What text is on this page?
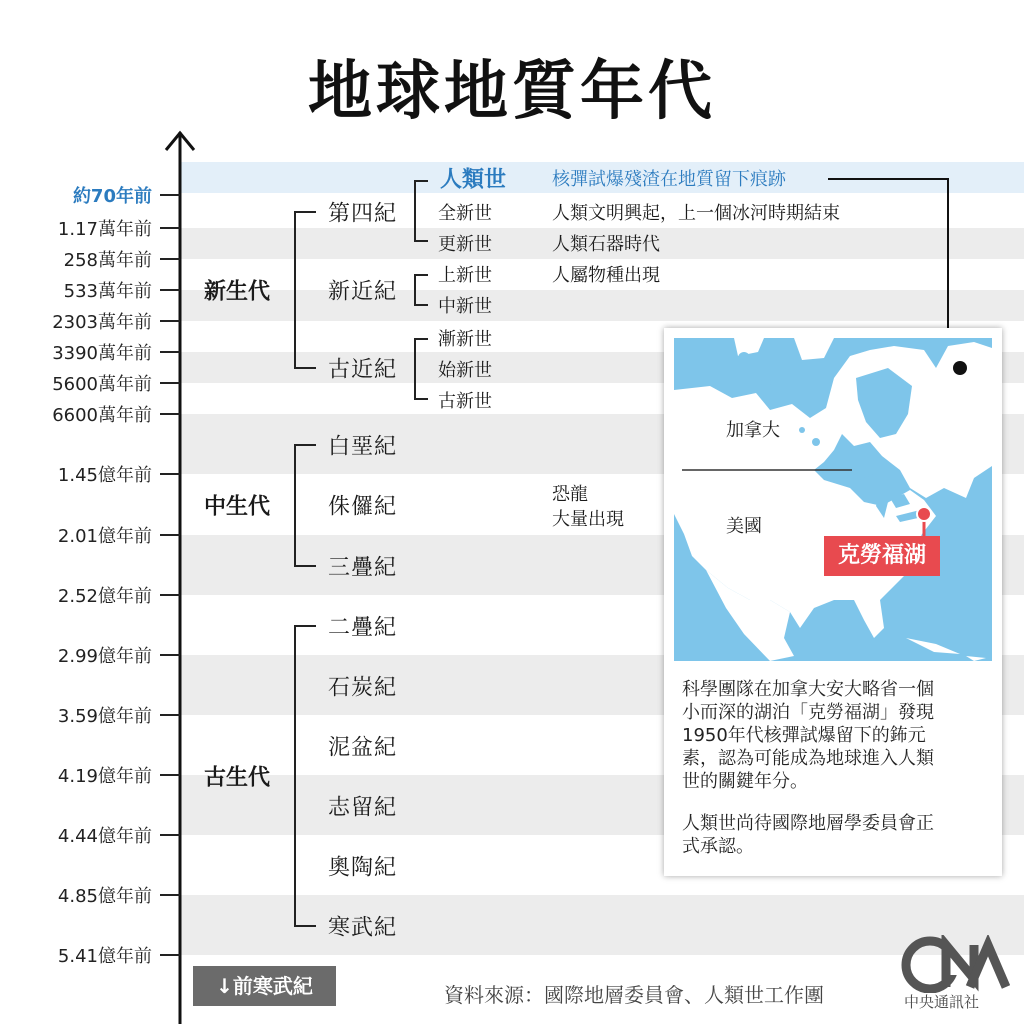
地球地質年代
約70年前
1.17萬年前
258萬年前
533萬年前
2303萬年前
3390萬年前
5600萬年前
6600萬年前
1.45億年前
2.01億年前
2.52億年前
2.99億年前
3.59億年前
4.19億年前
4.44億年前
4.85億年前
5.41億年前
新生代
中生代
古生代
第四紀
新近紀
古近紀
白堊紀
侏儸紀
三疊紀
二疊紀
石炭紀
泥盆紀
志留紀
奧陶紀
寒武紀
人類世
全新世
更新世
上新世
中新世
漸新世
始新世
古新世
核彈試爆殘渣在地質留下痕跡
人類文明興起，上一個冰河時期結束
人類石器時代
人屬物種出現
恐龍
大量出現
加拿大
美國
克勞福湖
科學團隊在加拿大安大略省一個
小而深的湖泊「克勞福湖」發現
1950年代核彈試爆留下的鈽元
素，認為可能成為地球進入人類
世的關鍵年分。
人類世尚待國際地層學委員會正
式承認。
↓前寒武紀	資料來源：國際地層委員會、人類世工作團	中央通訊社
